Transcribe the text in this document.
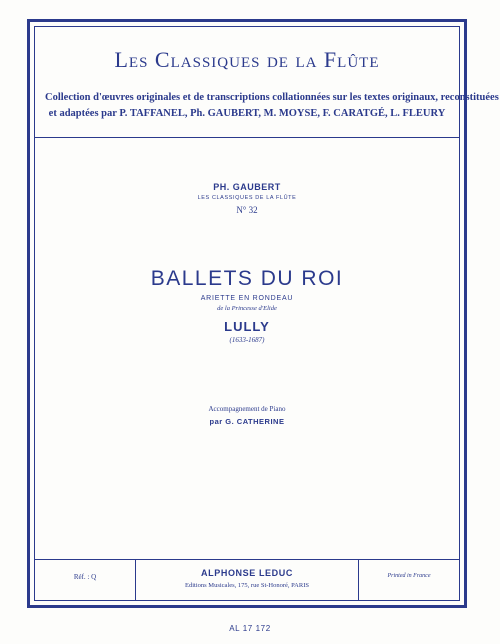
Les Classiques de la Flûte
Collection d'œuvres originales et de transcriptions collationnées sur les textes originaux, reconstituées
et adaptées par P. TAFFANEL, Ph. GAUBERT, M. MOYSE, F. CARATGÉ, L. FLEURY
PH. GAUBERT
LES CLASSIQUES DE LA FLÛTE
N° 32
BALLETS DU ROI
ARIETTE EN RONDEAU
de la Princesse d'Elide
LULLY
(1633-1687)
Accompagnement de Piano
par G. CATHERINE
Réf. : Q	ALPHONSE LEDUC
Editions Musicales, 175, rue St-Honoré, PARIS
Printed in France
AL 17 172
